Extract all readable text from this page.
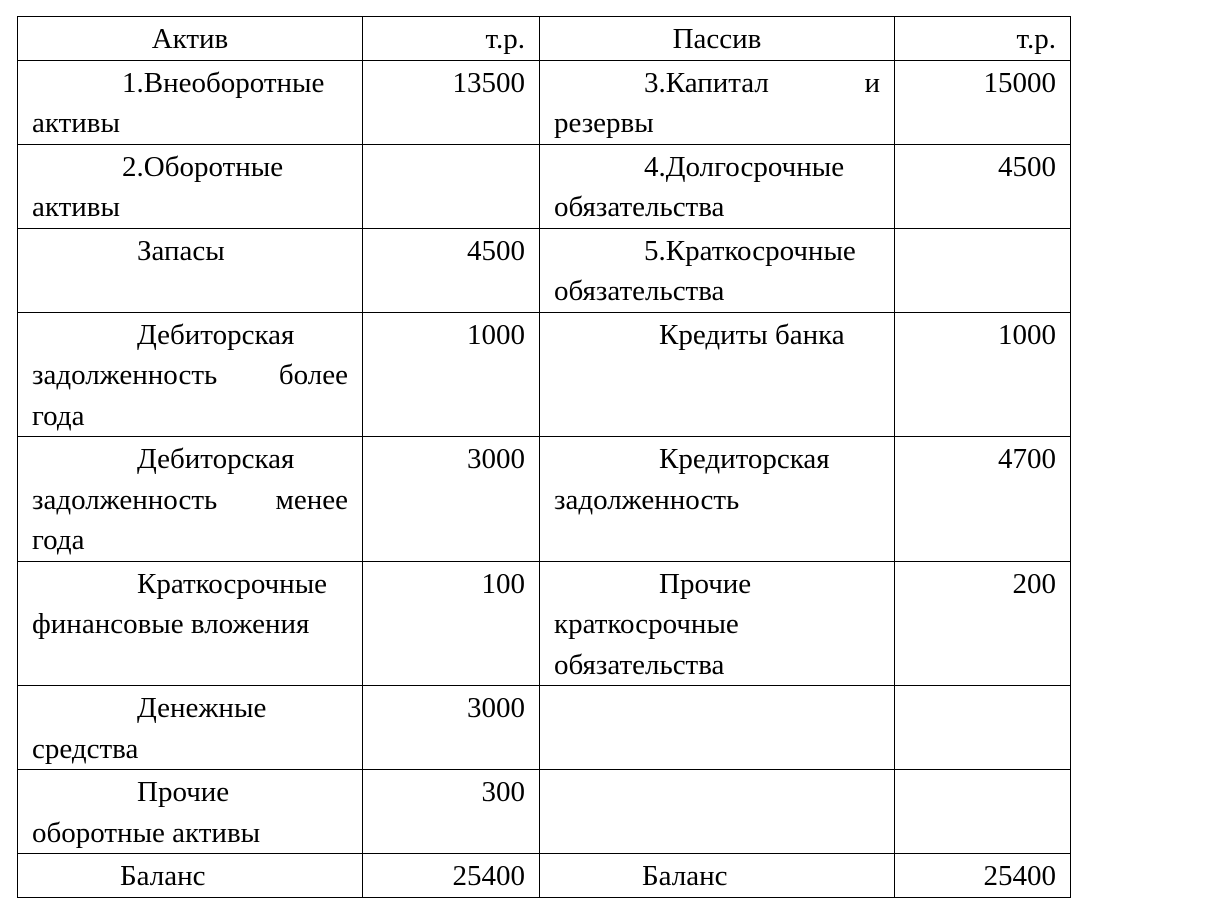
Актив	т.р.	Пассив	т.р.
1.Внеоборотные активы	13500	3.Капитал и резервы	15000
2.Оборотные активы		4.Долгосрочные обязательства	4500
Запасы	4500	5.Краткосрочные обязательства	
Дебиторская задолженность более года	1000	Кредиты банка	1000
Дебиторская задолженность менее года	3000	Кредиторская задолженность	4700
Краткосрочные финансовые вложения	100	Прочие краткосрочные обязательства	200
Денежные средства	3000		
Прочие оборотные активы	300		
Баланс	25400	Баланс	25400
